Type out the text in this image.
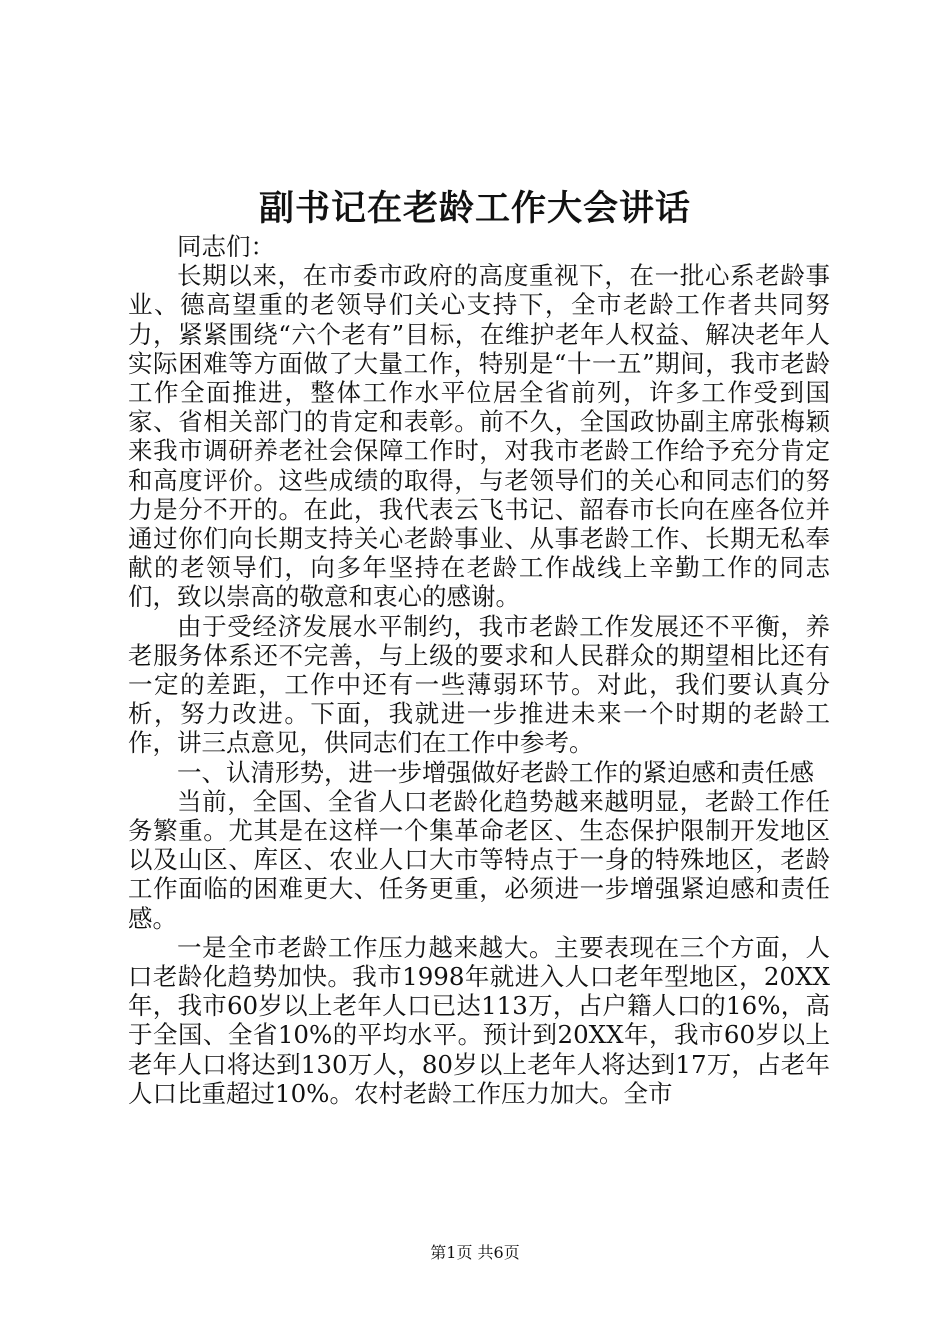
副书记在老龄工作大会讲话

同志们：

长期以来，在市委市政府的高度重视下，在一批心系老龄事业、德高望重的老领导们关心支持下，全市老龄工作者共同努力，紧紧围绕“六个老有”目标，在维护老年人权益、解决老年人实际困难等方面做了大量工作，特别是“十一五”期间，我市老龄工作全面推进，整体工作水平位居全省前列，许多工作受到国家、省相关部门的肯定和表彰。前不久，全国政协副主席张梅颖来我市调研养老社会保障工作时，对我市老龄工作给予充分肯定和高度评价。这些成绩的取得，与老领导们的关心和同志们的努力是分不开的。在此，我代表云飞书记、韶春市长向在座各位并通过你们向长期支持关心老龄事业、从事老龄工作、长期无私奉献的老领导们，向多年坚持在老龄工作战线上辛勤工作的同志们，致以崇高的敬意和衷心的感谢。

由于受经济发展水平制约，我市老龄工作发展还不平衡，养老服务体系还不完善，与上级的要求和人民群众的期望相比还有一定的差距，工作中还有一些薄弱环节。对此，我们要认真分析，努力改进。下面，我就进一步推进未来一个时期的老龄工作，讲三点意见，供同志们在工作中参考。

一、认清形势，进一步增强做好老龄工作的紧迫感和责任感

当前，全国、全省人口老龄化趋势越来越明显，老龄工作任务繁重。尤其是在这样一个集革命老区、生态保护限制开发地区以及山区、库区、农业人口大市等特点于一身的特殊地区，老龄工作面临的困难更大、任务更重，必须进一步增强紧迫感和责任感。

一是全市老龄工作压力越来越大。主要表现在三个方面，人口老龄化趋势加快。我市1998年就进入人口老年型地区，20XX年，我市60岁以上老年人口已达113万，占户籍人口的16%，高于全国、全省10%的平均水平。预计到20XX年，我市60岁以上老年人口将达到130万人，80岁以上老年人将达到17万，占老年人口比重超过10%。农村老龄工作压力加大。全市

第1页 共6页
